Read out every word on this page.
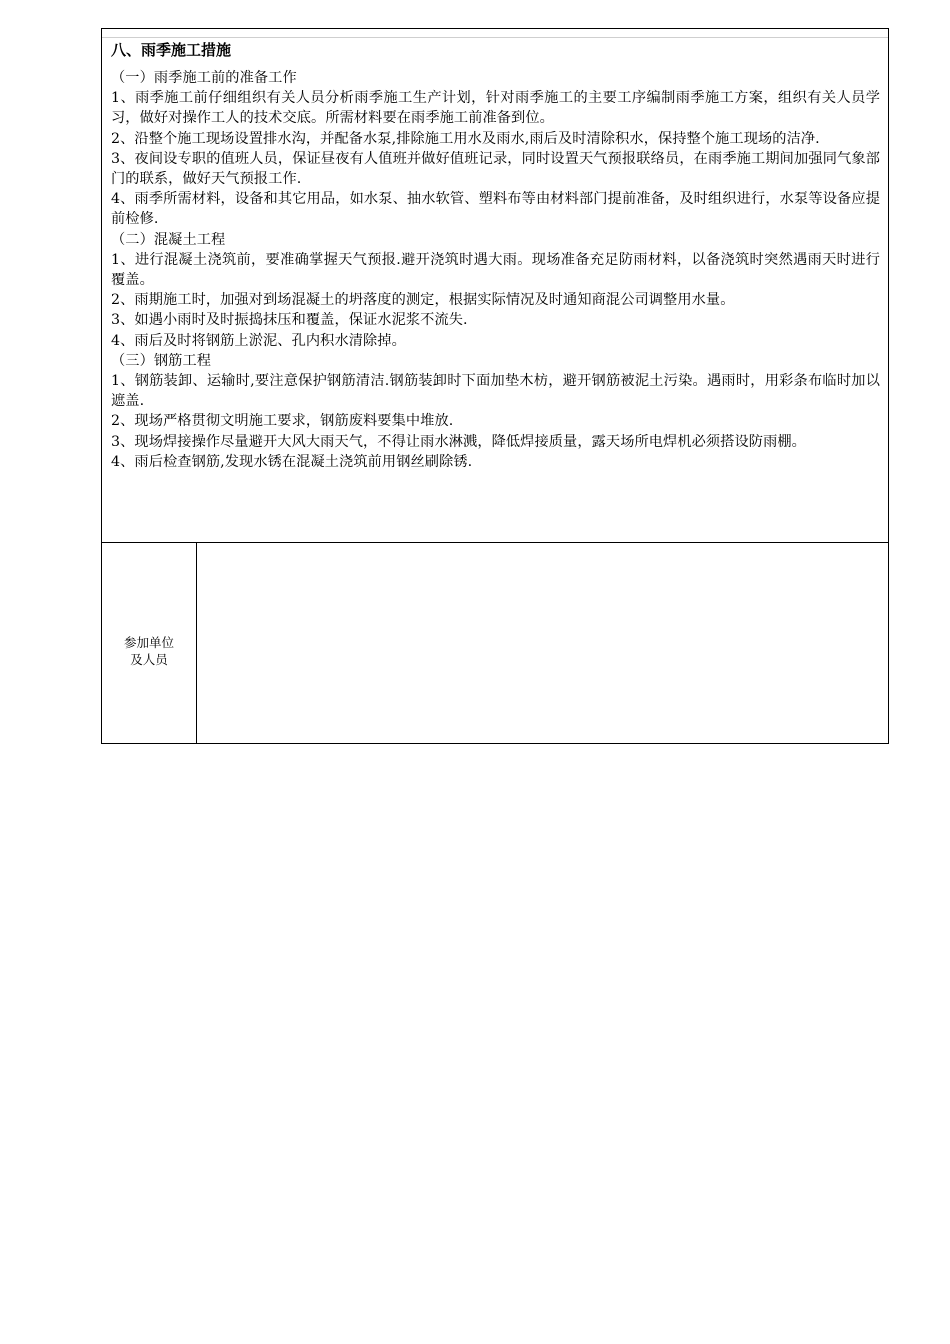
八、雨季施工措施
（一）雨季施工前的准备工作
1、雨季施工前仔细组织有关人员分析雨季施工生产计划，针对雨季施工的主要工序编制雨季施工方案，组织有关人员学习，做好对操作工人的技术交底。所需材料要在雨季施工前准备到位。
2、沿整个施工现场设置排水沟，并配备水泵,排除施工用水及雨水,雨后及时清除积水，保持整个施工现场的洁净.
3、夜间设专职的值班人员，保证昼夜有人值班并做好值班记录，同时设置天气预报联络员，在雨季施工期间加强同气象部门的联系，做好天气预报工作.
4、雨季所需材料，设备和其它用品，如水泵、抽水软管、塑料布等由材料部门提前准备，及时组织进行，水泵等设备应提前检修.
（二）混凝土工程
1、进行混凝土浇筑前，要准确掌握天气预报.避开浇筑时遇大雨。现场准备充足防雨材料，以备浇筑时突然遇雨天时进行覆盖。
2、雨期施工时，加强对到场混凝土的坍落度的测定，根据实际情况及时通知商混公司调整用水量。
3、如遇小雨时及时振捣抹压和覆盖，保证水泥浆不流失.
4、雨后及时将钢筋上淤泥、孔内积水清除掉。
（三）钢筋工程
1、钢筋装卸、运输时,要注意保护钢筋清洁.钢筋装卸时下面加垫木枋，避开钢筋被泥土污染。遇雨时，用彩条布临时加以遮盖.
2、现场严格贯彻文明施工要求，钢筋废料要集中堆放.
3、现场焊接操作尽量避开大风大雨天气，不得让雨水淋溅，降低焊接质量，露天场所电焊机必须搭设防雨棚。
4、雨后检查钢筋,发现水锈在混凝土浇筑前用钢丝刷除锈.
参加单位
及人员
